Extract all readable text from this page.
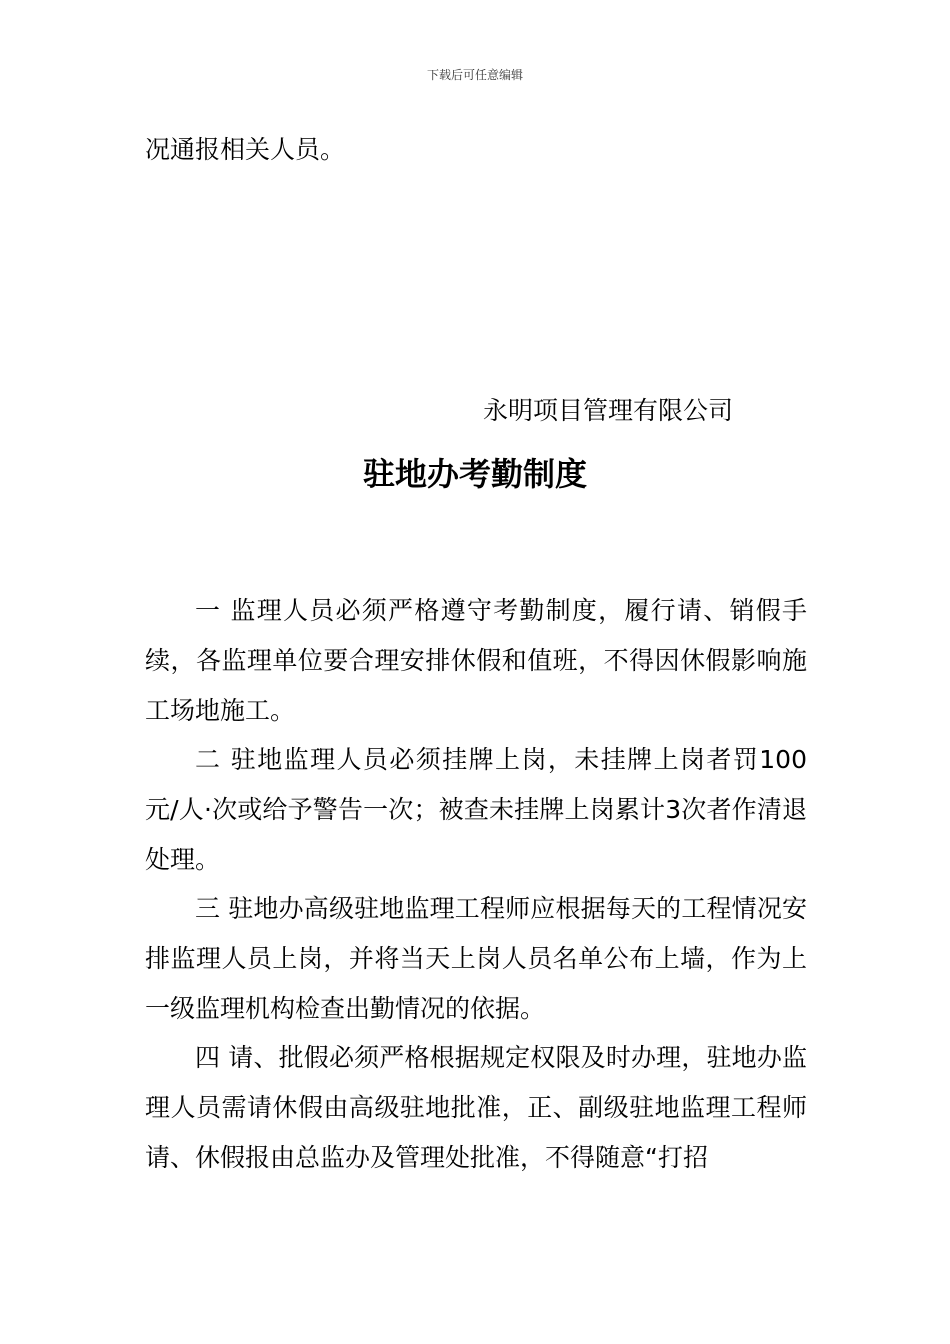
下载后可任意编辑
况通报相关人员。
永明项目管理有限公司
驻地办考勤制度
一 监理人员必须严格遵守考勤制度，履行请、销假手续，各监理单位要合理安排休假和值班，不得因休假影响施工场地施工。
二 驻地监理人员必须挂牌上岗，未挂牌上岗者罚100元/人·次或给予警告一次；被查未挂牌上岗累计3次者作清退处理。
三 驻地办高级驻地监理工程师应根据每天的工程情况安排监理人员上岗，并将当天上岗人员名单公布上墙，作为上一级监理机构检查出勤情况的依据。
四 请、批假必须严格根据规定权限及时办理，驻地办监理人员需请休假由高级驻地批准，正、副级驻地监理工程师请、休假报由总监办及管理处批准，不得随意“打招
